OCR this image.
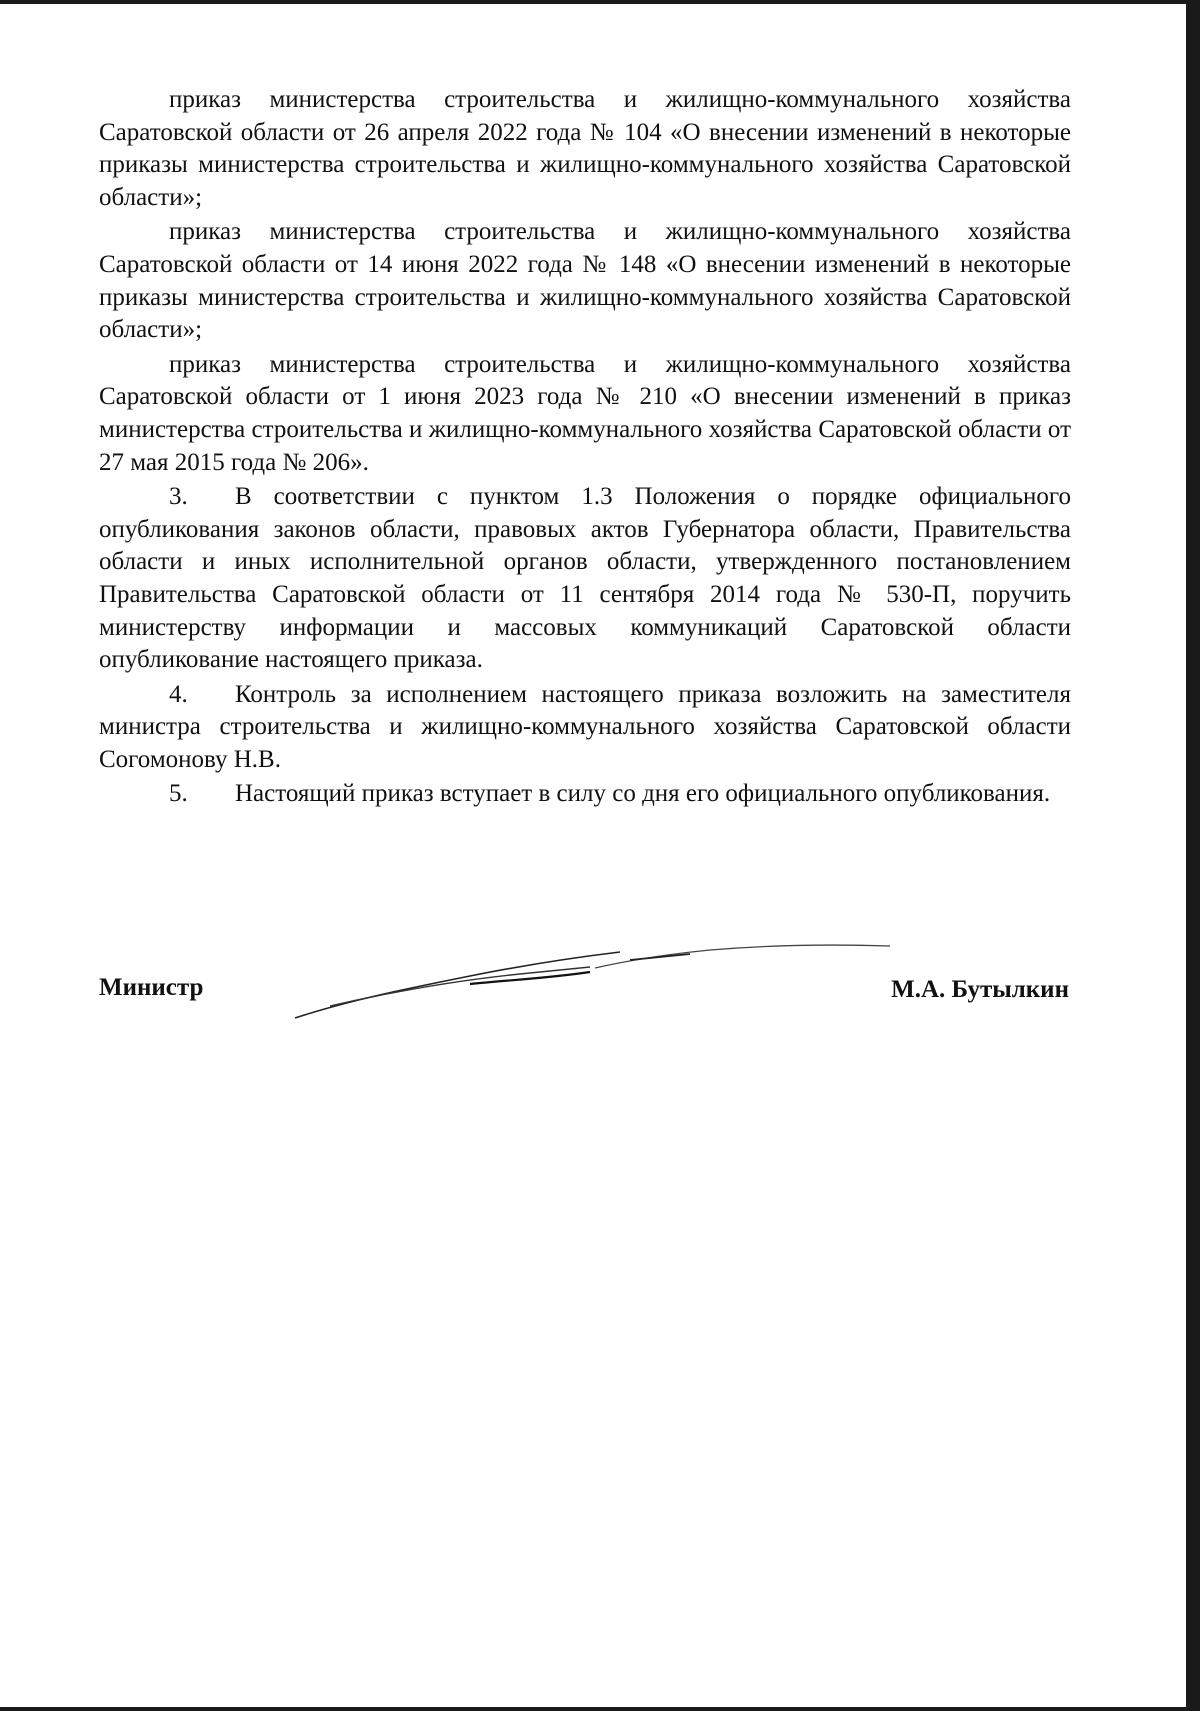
приказ министерства строительства и жилищно-коммунального хозяйства Саратовской области от 26 апреля 2022 года № 104 «О внесении изменений в некоторые приказы министерства строительства и жилищно-коммунального хозяйства Саратовской области»;

приказ министерства строительства и жилищно-коммунального хозяйства Саратовской области от 14 июня 2022 года № 148 «О внесении изменений в некоторые приказы министерства строительства и жилищно-коммунального хозяйства Саратовской области»;

приказ министерства строительства и жилищно-коммунального хозяйства Саратовской области от 1 июня 2023 года № 210 «О внесении изменений в приказ министерства строительства и жилищно-коммунального хозяйства Саратовской области от 27 мая 2015 года № 206».

3. В соответствии с пунктом 1.3 Положения о порядке официального опубликования законов области, правовых актов Губернатора области, Правительства области и иных исполнительной органов области, утвержденного постановлением Правительства Саратовской области от 11 сентября 2014 года № 530-П, поручить министерству информации и массовых коммуникаций Саратовской области опубликование настоящего приказа.

4. Контроль за исполнением настоящего приказа возложить на заместителя министра строительства и жилищно-коммунального хозяйства Саратовской области Согомонову Н.В.

5. Настоящий приказ вступает в силу со дня его официального опубликования.

Министр	М.А. Бутылкин
